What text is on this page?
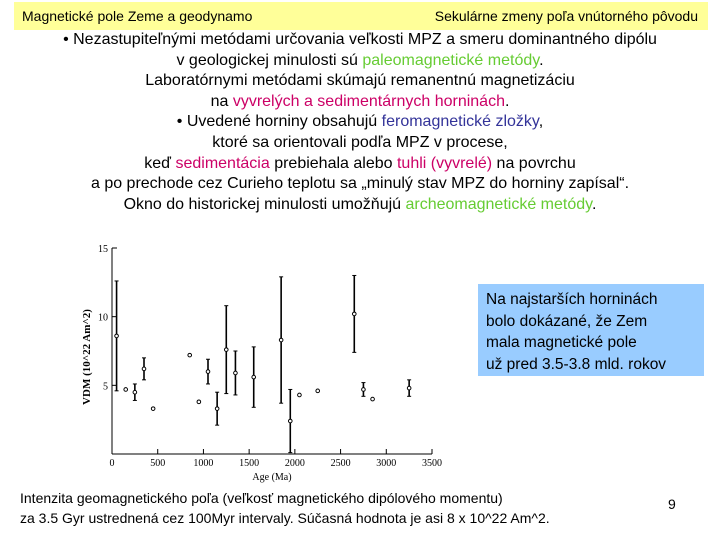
Magnetické pole Zeme a geodynamo	Sekulárne zmeny poľa vnútorného pôvodu

• Nezastupiteľnými metódami určovania veľkosti MPZ a smeru dominantného dipólu

v geologickej minulosti sú paleomagnetické metódy.

Laboratórnymi metódami skúmajú remanentnú magnetizáciu

na vyvrelých a sedimentárnych horninách.

• Uvedené horniny obsahujú feromagnetické zložky,

ktoré sa orientovali podľa MPZ v procese,

keď sedimentácia prebiehala alebo tuhli (vyvrelé) na povrchu

a po prechode cez Curieho teplotu sa „minulý stav MPZ do horniny zapísal“.

Okno do historickej minulosti umožňujú archeomagnetické metódy.

5
10
15
0	500	1000	1500	2000	2500	3000	3500
Age (Ma)
VDM (10^22 Am^2)

Na najstarších horninách

bolo dokázané, že Zem

mala magnetické pole

už pred 3.5-3.8 mld. rokov

Intenzita geomagnetického poľa (veľkosť magnetického dipólového momentu)

za 3.5 Gyr ustrednená cez 100Myr intervaly. Súčasná hodnota je asi 8 x 10^22 Am^2.

9
